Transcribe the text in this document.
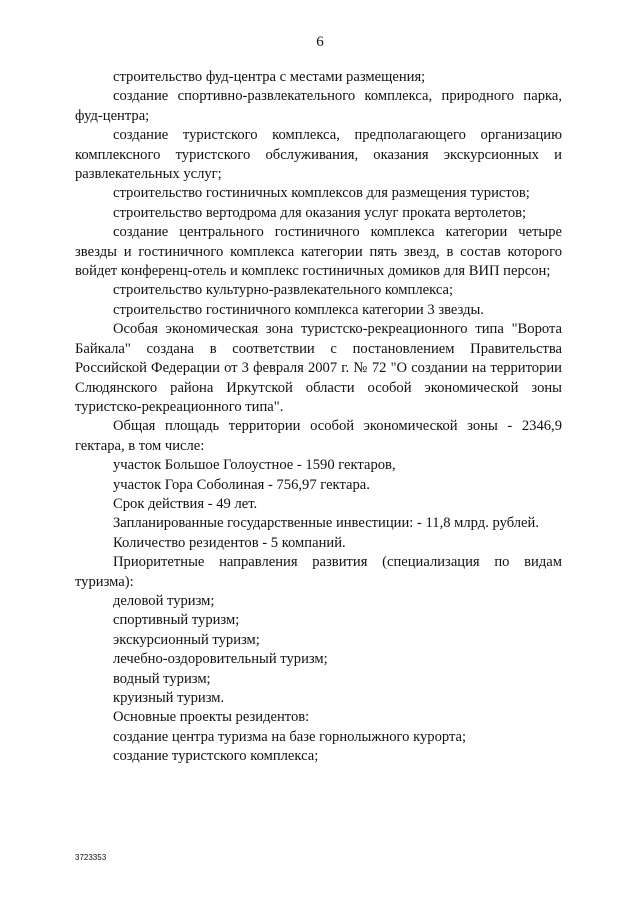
6

строительство фуд-центра с местами размещения;

создание спортивно-развлекательного комплекса, природного парка, фуд-центра;

создание туристского комплекса, предполагающего организацию комплексного туристского обслуживания, оказания экскурсионных и развлекательных услуг;

строительство гостиничных комплексов для размещения туристов;

строительство вертодрома для оказания услуг проката вертолетов;

создание центрального гостиничного комплекса категории четыре звезды и гостиничного комплекса категории пять звезд, в состав которого войдет конференц-отель и комплекс гостиничных домиков для ВИП персон;

строительство культурно-развлекательного комплекса;

строительство гостиничного комплекса категории 3 звезды.

Особая экономическая зона туристско-рекреационного типа "Ворота Байкала" создана в соответствии с постановлением Правительства Российской Федерации от 3 февраля 2007 г. № 72 "О создании на территории Слюдянского района Иркутской области особой экономической зоны туристско-рекреационного типа".

Общая площадь территории особой экономической зоны - 2346,9 гектара, в том числе:

участок Большое Голоустное - 1590 гектаров,

участок Гора Соболиная - 756,97 гектара.

Срок действия - 49 лет.

Запланированные государственные инвестиции: - 11,8 млрд. рублей.

Количество резидентов - 5 компаний.

Приоритетные направления развития (специализация по видам туризма):

деловой туризм;

спортивный туризм;

экскурсионный туризм;

лечебно-оздоровительный туризм;

водный туризм;

круизный туризм.

Основные проекты резидентов:

создание центра туризма на базе горнолыжного курорта;

создание туристского комплекса;

3723353
